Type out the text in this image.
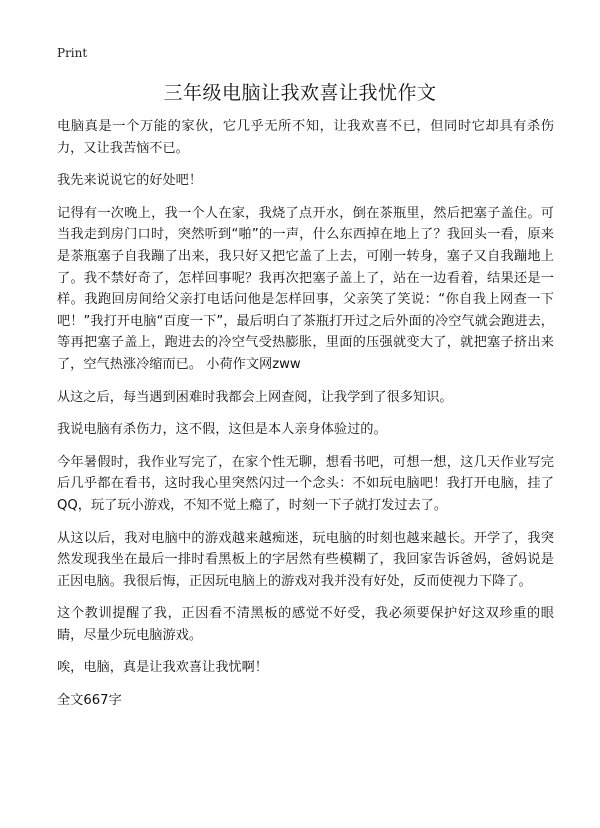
Print
三年级电脑让我欢喜让我忧作文

电脑真是一个万能的家伙，它几乎无所不知，让我欢喜不已，但同时它却具有杀伤力，又让我苦恼不已。

我先来说说它的好处吧！

记得有一次晚上，我一个人在家，我烧了点开水，倒在茶瓶里，然后把塞子盖住。可当我走到房门口时，突然听到“啪”的一声，什么东西掉在地上了？我回头一看，原来是茶瓶塞子自我蹦了出来，我只好又把它盖了上去，可刚一转身，塞子又自我蹦地上了。我不禁好奇了，怎样回事呢？我再次把塞子盖上了，站在一边看着，结果还是一样。我跑回房间给父亲打电话问他是怎样回事，父亲笑了笑说：“你自我上网查一下吧！”我打开电脑“百度一下”，最后明白了茶瓶打开过之后外面的冷空气就会跑进去，等再把塞子盖上，跑进去的冷空气受热膨胀，里面的压强就变大了，就把塞子挤出来了，空气热涨冷缩而已。 小荷作文网zww

从这之后，每当遇到困难时我都会上网查阅，让我学到了很多知识。

我说电脑有杀伤力，这不假，这但是本人亲身体验过的。

今年暑假时，我作业写完了，在家个性无聊，想看书吧，可想一想，这几天作业写完后几乎都在看书，这时我心里突然闪过一个念头：不如玩电脑吧！我打开电脑，挂了QQ，玩了玩小游戏，不知不觉上瘾了，时刻一下子就打发过去了。

从这以后，我对电脑中的游戏越来越痴迷，玩电脑的时刻也越来越长。开学了，我突然发现我坐在最后一排时看黑板上的字居然有些模糊了，我回家告诉爸妈，爸妈说是正因电脑。我很后悔，正因玩电脑上的游戏对我并没有好处，反而使视力下降了。

这个教训提醒了我，正因看不清黑板的感觉不好受，我必须要保护好这双珍重的眼睛，尽量少玩电脑游戏。

唉，电脑，真是让我欢喜让我忧啊！

全文667字
